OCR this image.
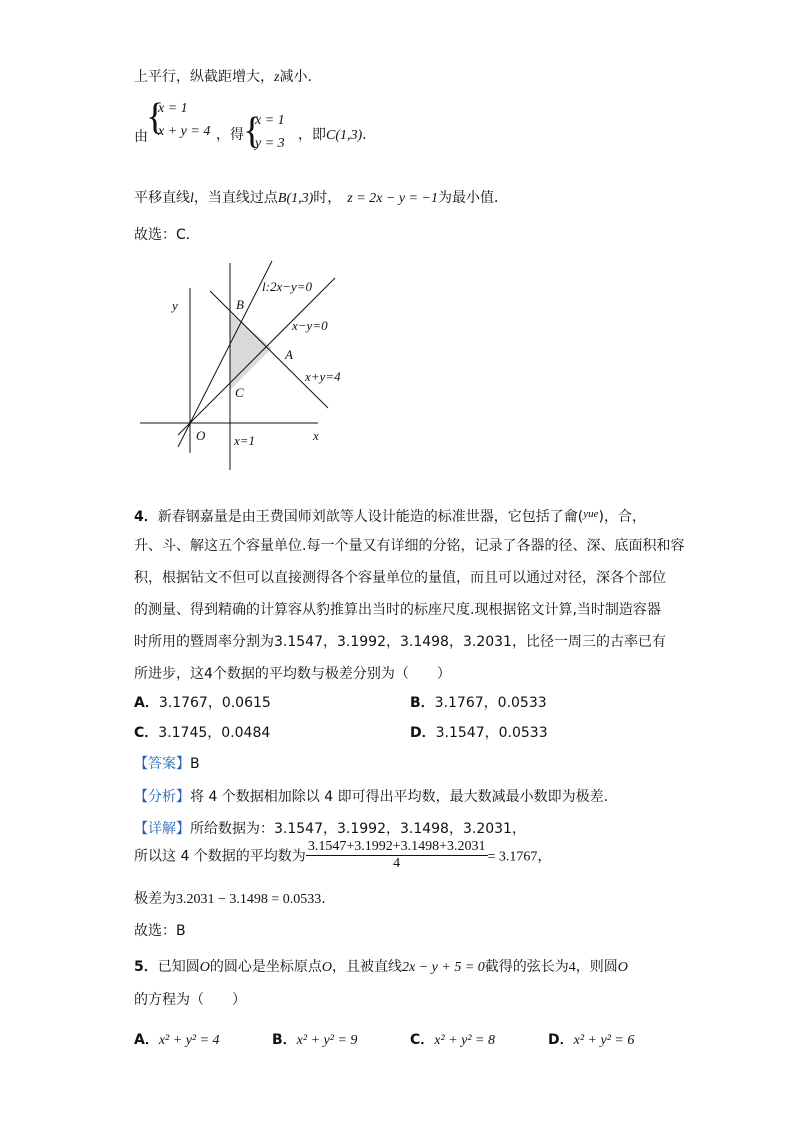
上平行，纵截距增大，z减小．
由
{
x = 1
x + y = 4 ，得 {
x = 1
y = 3
，即C(1,3)．
平移直线l，当直线过点B(1,3)时， z = 2x − y = −1为最小值．
故选：C．
y
x
O
B
A
C
l:2x−y=0
x−y=0
x+y=4
x=1
4．新春钢嘉量是由王费国师刘歆等人设计能造的标准世器，它包括了龠($^{yue}$)，合，
升、斗、解这五个容量单位.每一个量又有详细的分铭，记录了各器的径、深、底面积和容
积，根据钻文不但可以直接测得各个容量单位的量值，而且可以通过对径，深各个部位
的测量、得到精确的计算容从豹推算出当时的标座尺度.现根据铭文计算,当时制造容器
时所用的暨周率分割为3.1547，3.1992，3.1498，3.2031，比径一周三的古率已有
所进步，这4个数据的平均数与极差分别为（　　）
A．3.1767，0.0615	B．3.1767，0.0533
C．3.1745，0.0484	D．3.1547，0.0533
【答案】B
【分析】将 4 个数据相加除以 4 即可得出平均数，最大数减最小数即为极差.
【详解】所给数据为：3.1547，3.1992，3.1498，3.2031，
所以这 4 个数据的平均数为 $\frac{3.1547+3.1992+3.1498+3.2031}{4} = 3.1767$，
极差为3.2031 − 3.1498 = 0.0533.
故选：B
5．已知圆O的圆心是坐标原点O，且被直线2x − y + 5 = 0截得的弦长为4，则圆O
的方程为（　　）
A．x² + y² = 4	B．x² + y² = 9	C．x² + y² = 8	D．x² + y² = 6
